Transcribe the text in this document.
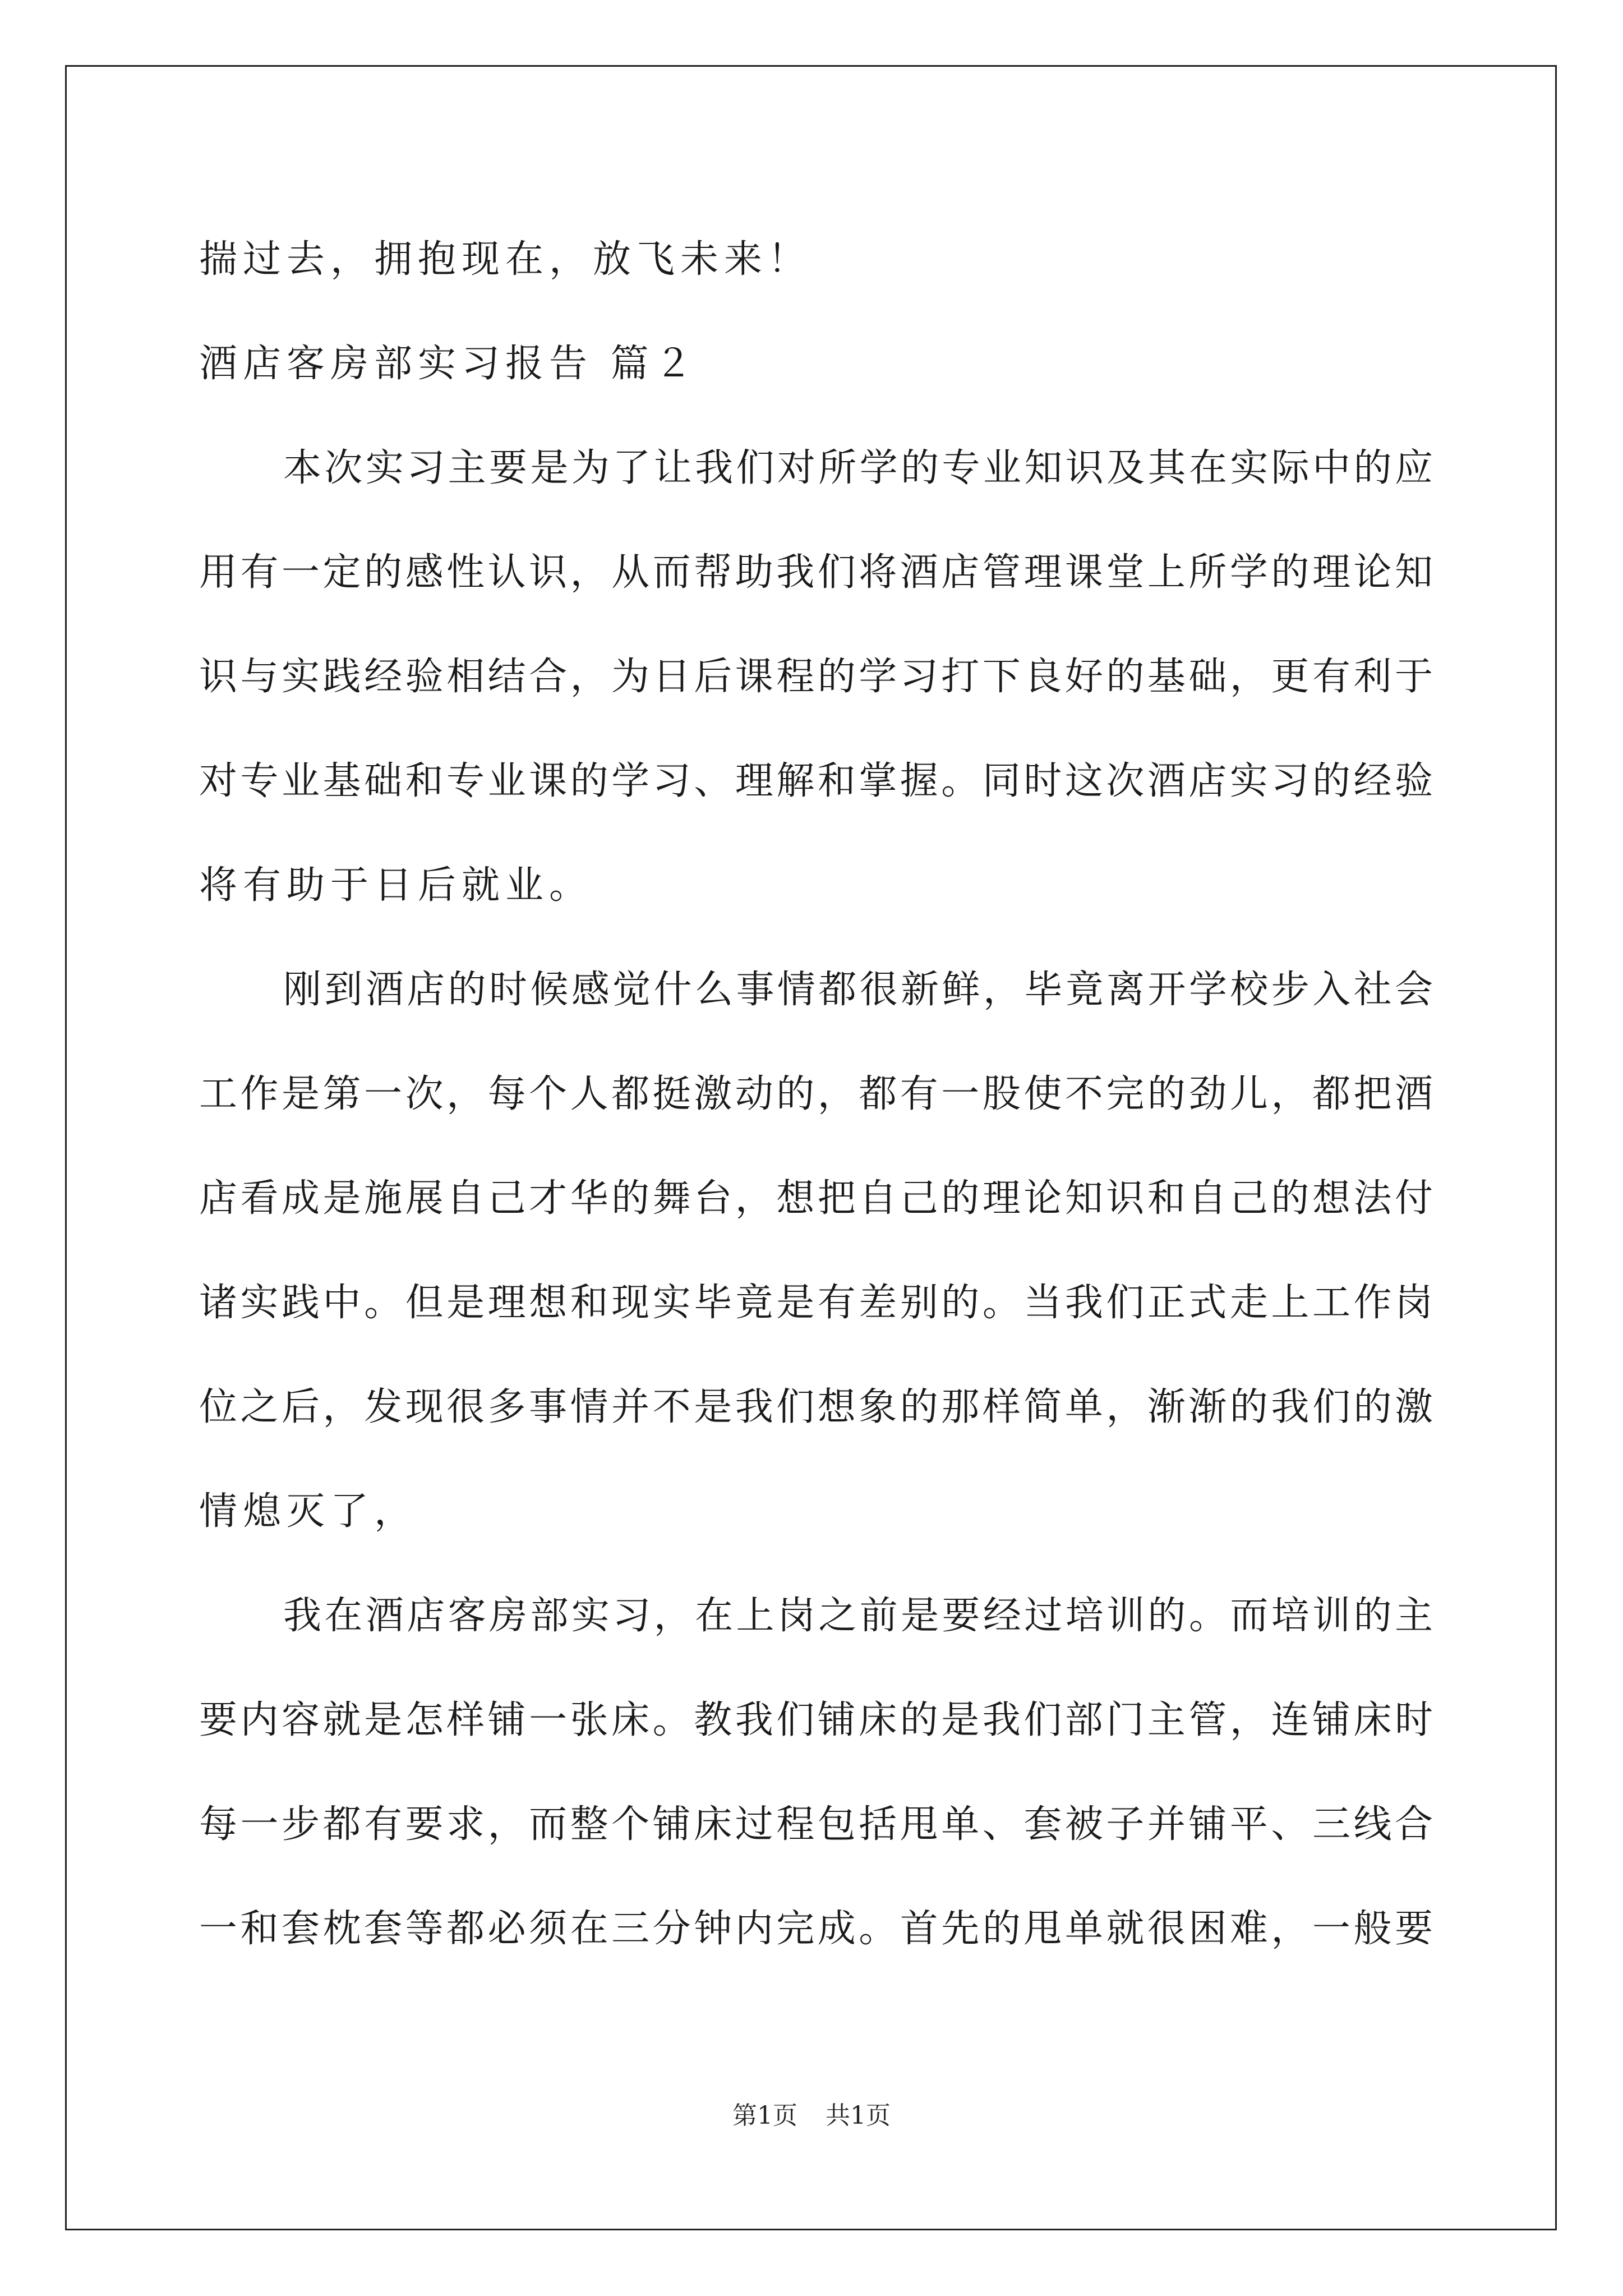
揣过去，拥抱现在，放飞未来！
酒店客房部实习报告 篇２
本次实习主要是为了让我们对所学的专业知识及其在实际中的应
用有一定的感性认识，从而帮助我们将酒店管理课堂上所学的理论知
识与实践经验相结合，为日后课程的学习打下良好的基础，更有利于
对专业基础和专业课的学习、理解和掌握。同时这次酒店实习的经验
将有助于日后就业。
刚到酒店的时候感觉什么事情都很新鲜，毕竟离开学校步入社会
工作是第一次，每个人都挺激动的，都有一股使不完的劲儿，都把酒
店看成是施展自己才华的舞台，想把自己的理论知识和自己的想法付
诸实践中。但是理想和现实毕竟是有差别的。当我们正式走上工作岗
位之后，发现很多事情并不是我们想象的那样简单，渐渐的我们的激
情熄灭了，
我在酒店客房部实习，在上岗之前是要经过培训的。而培训的主
要内容就是怎样铺一张床。教我们铺床的是我们部门主管，连铺床时
每一步都有要求，而整个铺床过程包括甩单、套被子并铺平、三线合
一和套枕套等都必须在三分钟内完成。首先的甩单就很困难，一般要
第1页 共1页
